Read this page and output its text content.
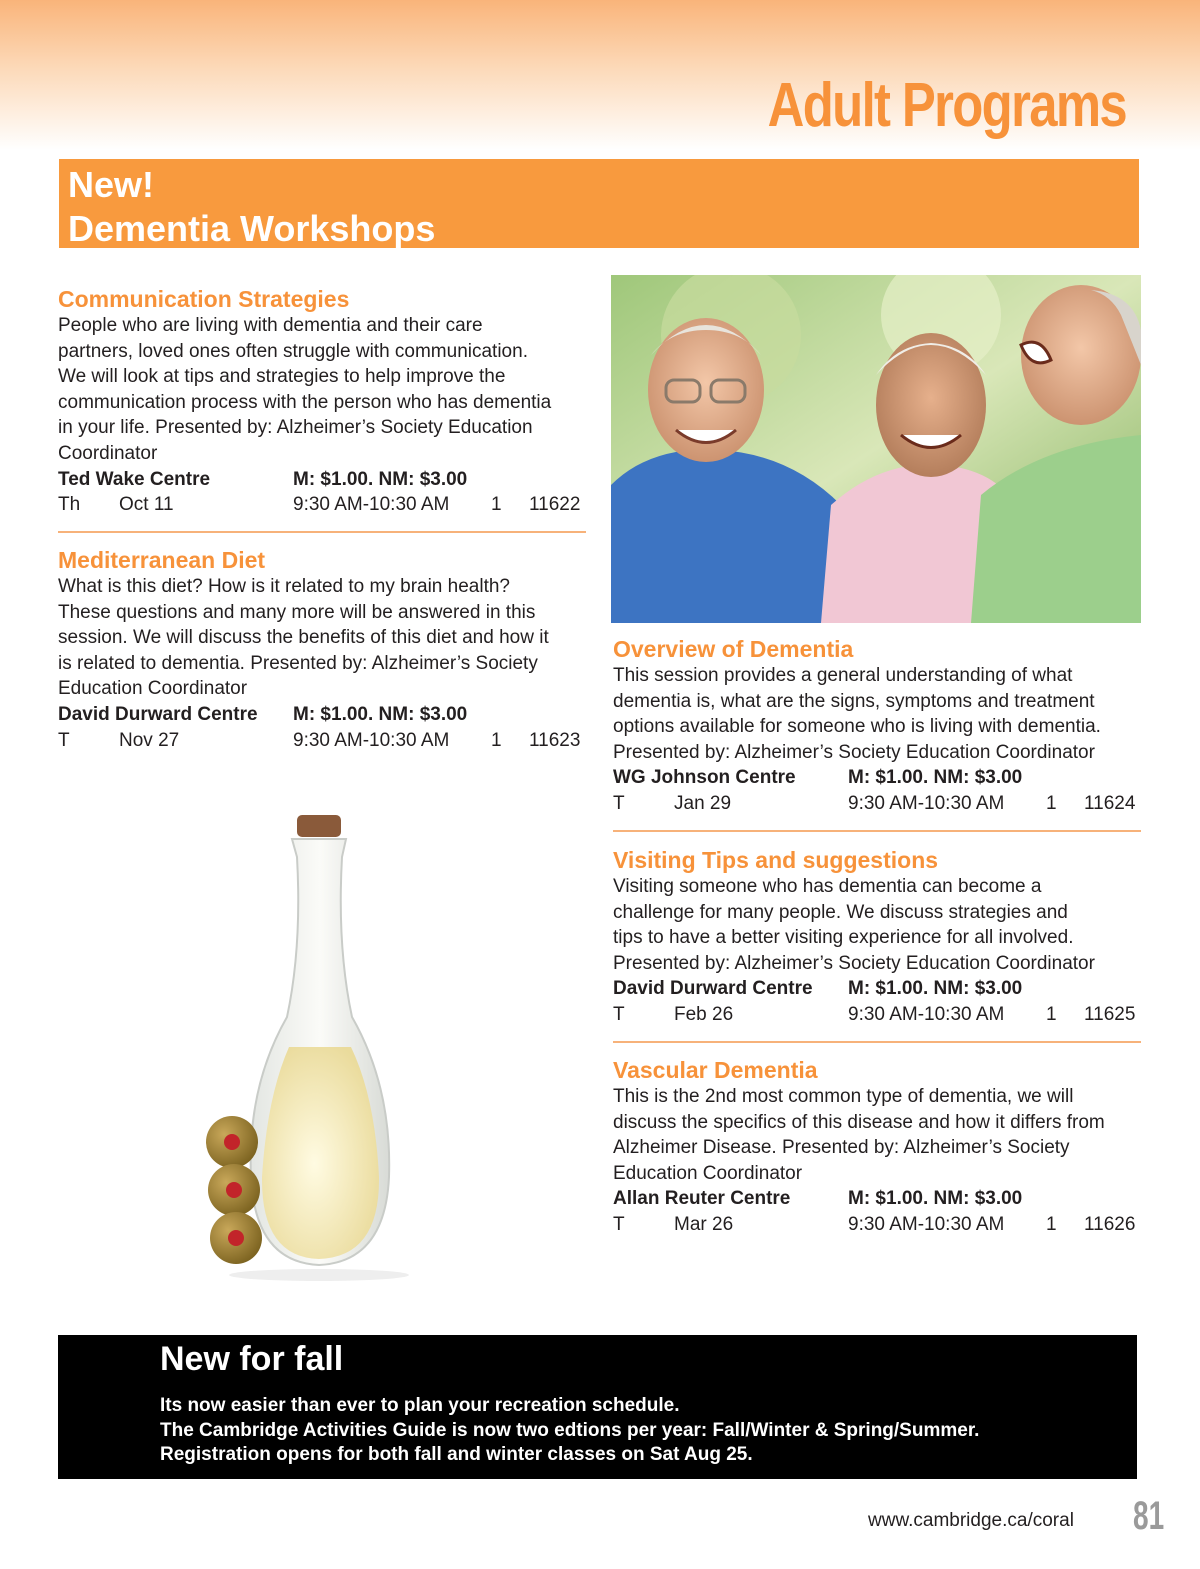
Adult Programs
New!
Dementia Workshops
Communication Strategies
People who are living with dementia and their care
partners, loved ones often struggle with communication.
We will look at tips and strategies to help improve the
communication process with the person who has dementia
in your life. Presented by: Alzheimer’s Society Education
Coordinator
Ted Wake Centre	M: $1.00. NM: $3.00
Th Oct 11	9:30 AM-10:30 AM 1 11622
Mediterranean Diet
What is this diet? How is it related to my brain health?
These questions and many more will be answered in this
session. We will discuss the benefits of this diet and how it
is related to dementia. Presented by: Alzheimer’s Society
Education Coordinator
David Durward Centre M: $1.00. NM: $3.00
T	Nov 27	9:30 AM-10:30 AM 1 11623
Overview of Dementia
This session provides a general understanding of what
dementia is, what are the signs, symptoms and treatment
options available for someone who is living with dementia.
Presented by: Alzheimer’s Society Education Coordinator
WG Johnson Centre	M: $1.00. NM: $3.00
T	Jan 29	9:30 AM-10:30 AM 1 11624
Visiting Tips and suggestions
Visiting someone who has dementia can become a
challenge for many people. We discuss strategies and
tips to have a better visiting experience for all involved.
Presented by: Alzheimer’s Society Education Coordinator
David Durward Centre M: $1.00. NM: $3.00
T	Feb 26	9:30 AM-10:30 AM 1 11625
Vascular Dementia
This is the 2nd most common type of dementia, we will
discuss the specifics of this disease and how it differs from
Alzheimer Disease. Presented by: Alzheimer’s Society
Education Coordinator
Allan Reuter Centre	M: $1.00. NM: $3.00
T	Mar 26	9:30 AM-10:30 AM 1 11626
New for fall
Its now easier than ever to plan your recreation schedule.
The Cambridge Activities Guide is now two edtions per year: Fall/Winter & Spring/Summer.
Registration opens for both fall and winter classes on Sat Aug 25.
www.cambridge.ca/coral 81
